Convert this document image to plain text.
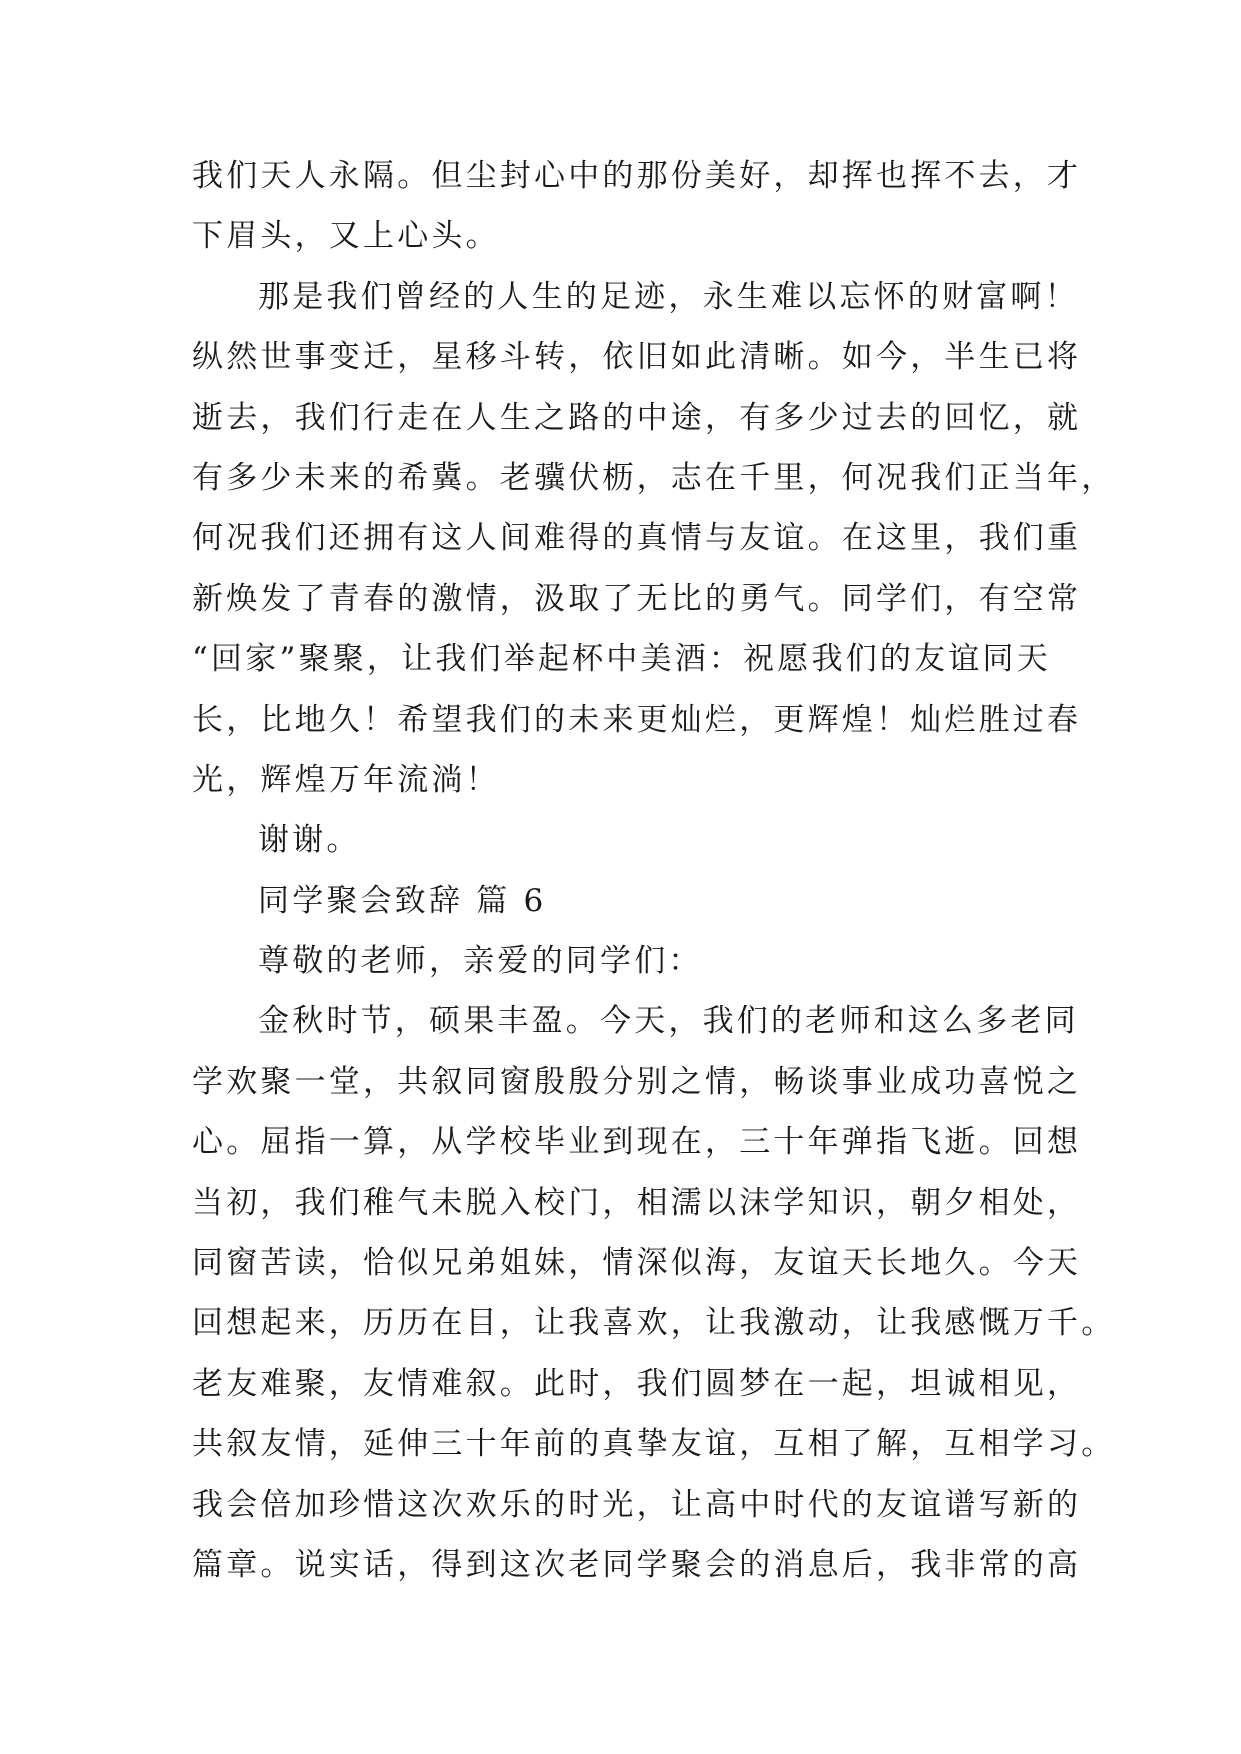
我们天人永隔。但尘封心中的那份美好，却挥也挥不去，才
下眉头，又上心头。
那是我们曾经的人生的足迹，永生难以忘怀的财富啊！
纵然世事变迁，星移斗转，依旧如此清晰。如今，半生已将
逝去，我们行走在人生之路的中途，有多少过去的回忆，就
有多少未来的希冀。老骥伏枥，志在千里，何况我们正当年，
何况我们还拥有这人间难得的真情与友谊。在这里，我们重
新焕发了青春的激情，汲取了无比的勇气。同学们，有空常
“回家”聚聚，让我们举起杯中美酒：祝愿我们的友谊同天
长，比地久！希望我们的未来更灿烂，更辉煌！灿烂胜过春
光，辉煌万年流淌！
谢谢。
同学聚会致辞 篇 6
尊敬的老师，亲爱的同学们：
金秋时节，硕果丰盈。今天，我们的老师和这么多老同
学欢聚一堂，共叙同窗殷殷分别之情，畅谈事业成功喜悦之
心。屈指一算，从学校毕业到现在，三十年弹指飞逝。回想
当初，我们稚气未脱入校门，相濡以沫学知识，朝夕相处，
同窗苦读，恰似兄弟姐妹，情深似海，友谊天长地久。今天
回想起来，历历在目，让我喜欢，让我激动，让我感慨万千。
老友难聚，友情难叙。此时，我们圆梦在一起，坦诚相见，
共叙友情，延伸三十年前的真挚友谊，互相了解，互相学习。
我会倍加珍惜这次欢乐的时光，让高中时代的友谊谱写新的
篇章。说实话，得到这次老同学聚会的消息后，我非常的高
